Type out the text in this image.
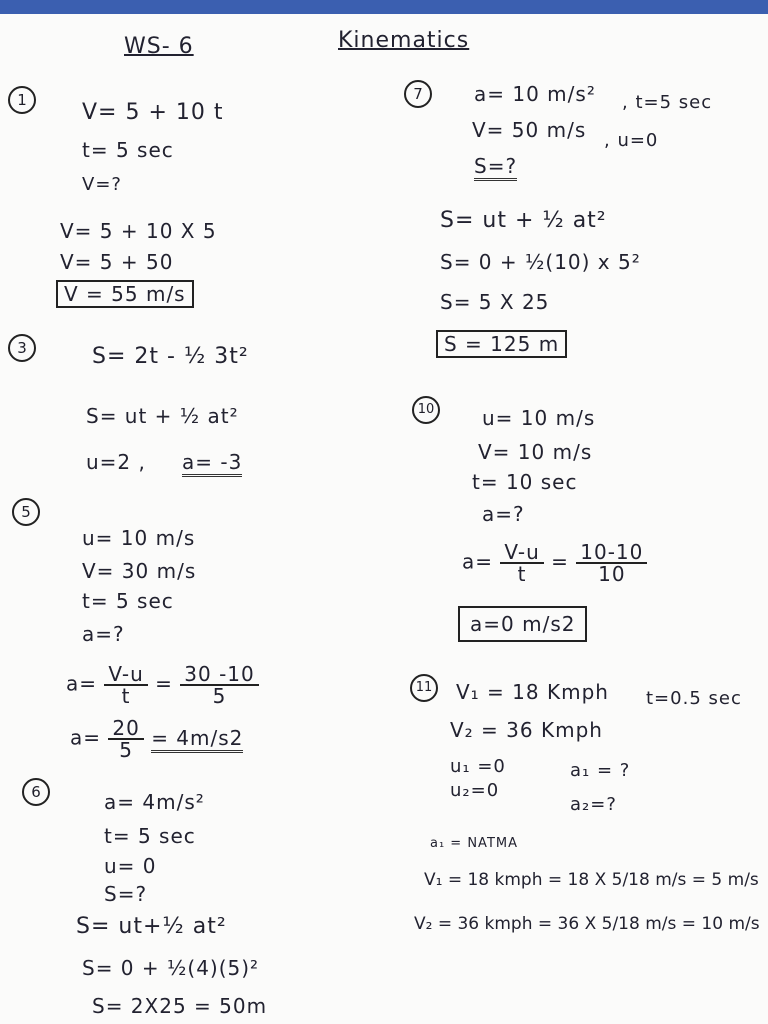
WS- 6	Kinematics
1	V= 5 + 10 t
t= 5 sec
V=?
V= 5 + 10 X 5
V= 5 + 50
V = 55 m/s
3	S= 2t - ½ 3t²
S= ut + ½ at²
u=2 , a= -3
5
u= 10 m/s
V= 30 m/s
t= 5 sec
a=?
$a= \frac{V-u}{t} = \frac{30 -10}{5}$
$a= \frac{20}{5} = 4m/s2$
6	a= 4m/s²
t= 5 sec
u= 0
S=?
S= ut+½ at²
S= 0 + ½(4)(5)²
S= 2X25 = 50m
7	a= 10 m/s² , t=5 sec
V= 50 m/s , u=0
S=?
S= ut + ½ at²
S= 0 + ½(10) x 5²
S= 5 X 25
S = 125 m
10 u= 10 m/s
V= 10 m/s
t= 10 sec
a=?
$a= \frac{V-u}{t} = \frac{10-10}{10}$
a=0 m/s2
11 V₁ = 18 Kmph t=0.5 sec
V₂ = 36 Kmph
u₁ =0	a₁ = ?
u₂=0
a₂=?
a₁ = NATMA
V₁ = 18 kmph = 18 X 5/18 m/s = 5 m/s
V₂ = 36 kmph = 36 X 5/18 m/s = 10 m/s
